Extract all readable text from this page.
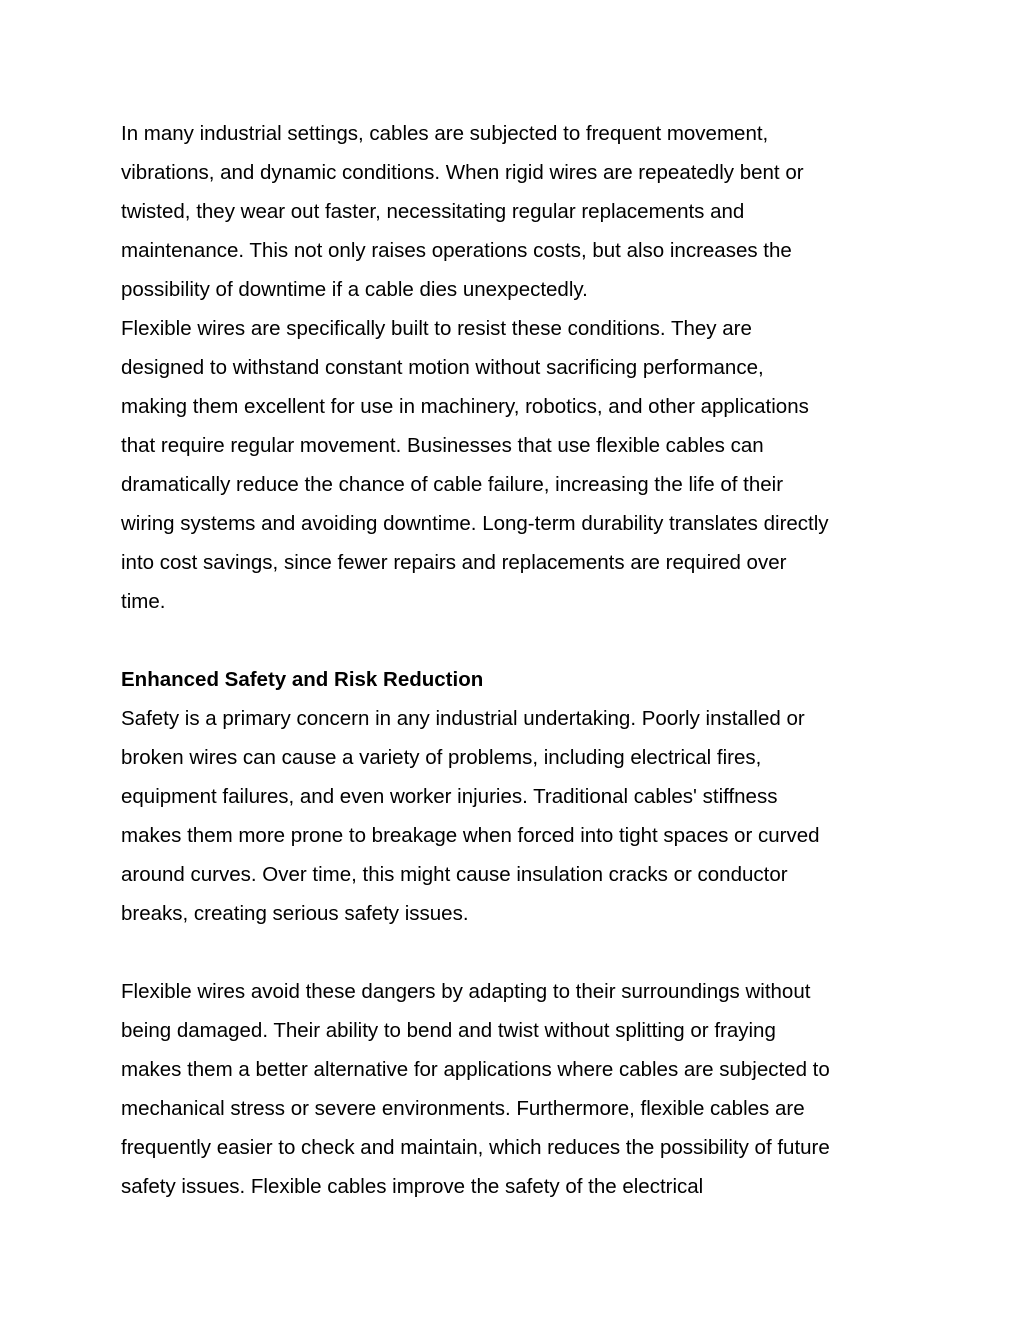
In many industrial settings, cables are subjected to frequent movement,
vibrations, and dynamic conditions. When rigid wires are repeatedly bent or
twisted, they wear out faster, necessitating regular replacements and
maintenance. This not only raises operations costs, but also increases the
possibility of downtime if a cable dies unexpectedly.

Flexible wires are specifically built to resist these conditions. They are
designed to withstand constant motion without sacrificing performance,
making them excellent for use in machinery, robotics, and other applications
that require regular movement. Businesses that use flexible cables can
dramatically reduce the chance of cable failure, increasing the life of their
wiring systems and avoiding downtime. Long-term durability translates directly
into cost savings, since fewer repairs and replacements are required over
time.

Enhanced Safety and Risk Reduction

Safety is a primary concern in any industrial undertaking. Poorly installed or
broken wires can cause a variety of problems, including electrical fires,
equipment failures, and even worker injuries. Traditional cables' stiffness
makes them more prone to breakage when forced into tight spaces or curved
around curves. Over time, this might cause insulation cracks or conductor
breaks, creating serious safety issues.

Flexible wires avoid these dangers by adapting to their surroundings without
being damaged. Their ability to bend and twist without splitting or fraying
makes them a better alternative for applications where cables are subjected to
mechanical stress or severe environments. Furthermore, flexible cables are
frequently easier to check and maintain, which reduces the possibility of future
safety issues. Flexible cables improve the safety of the electrical
